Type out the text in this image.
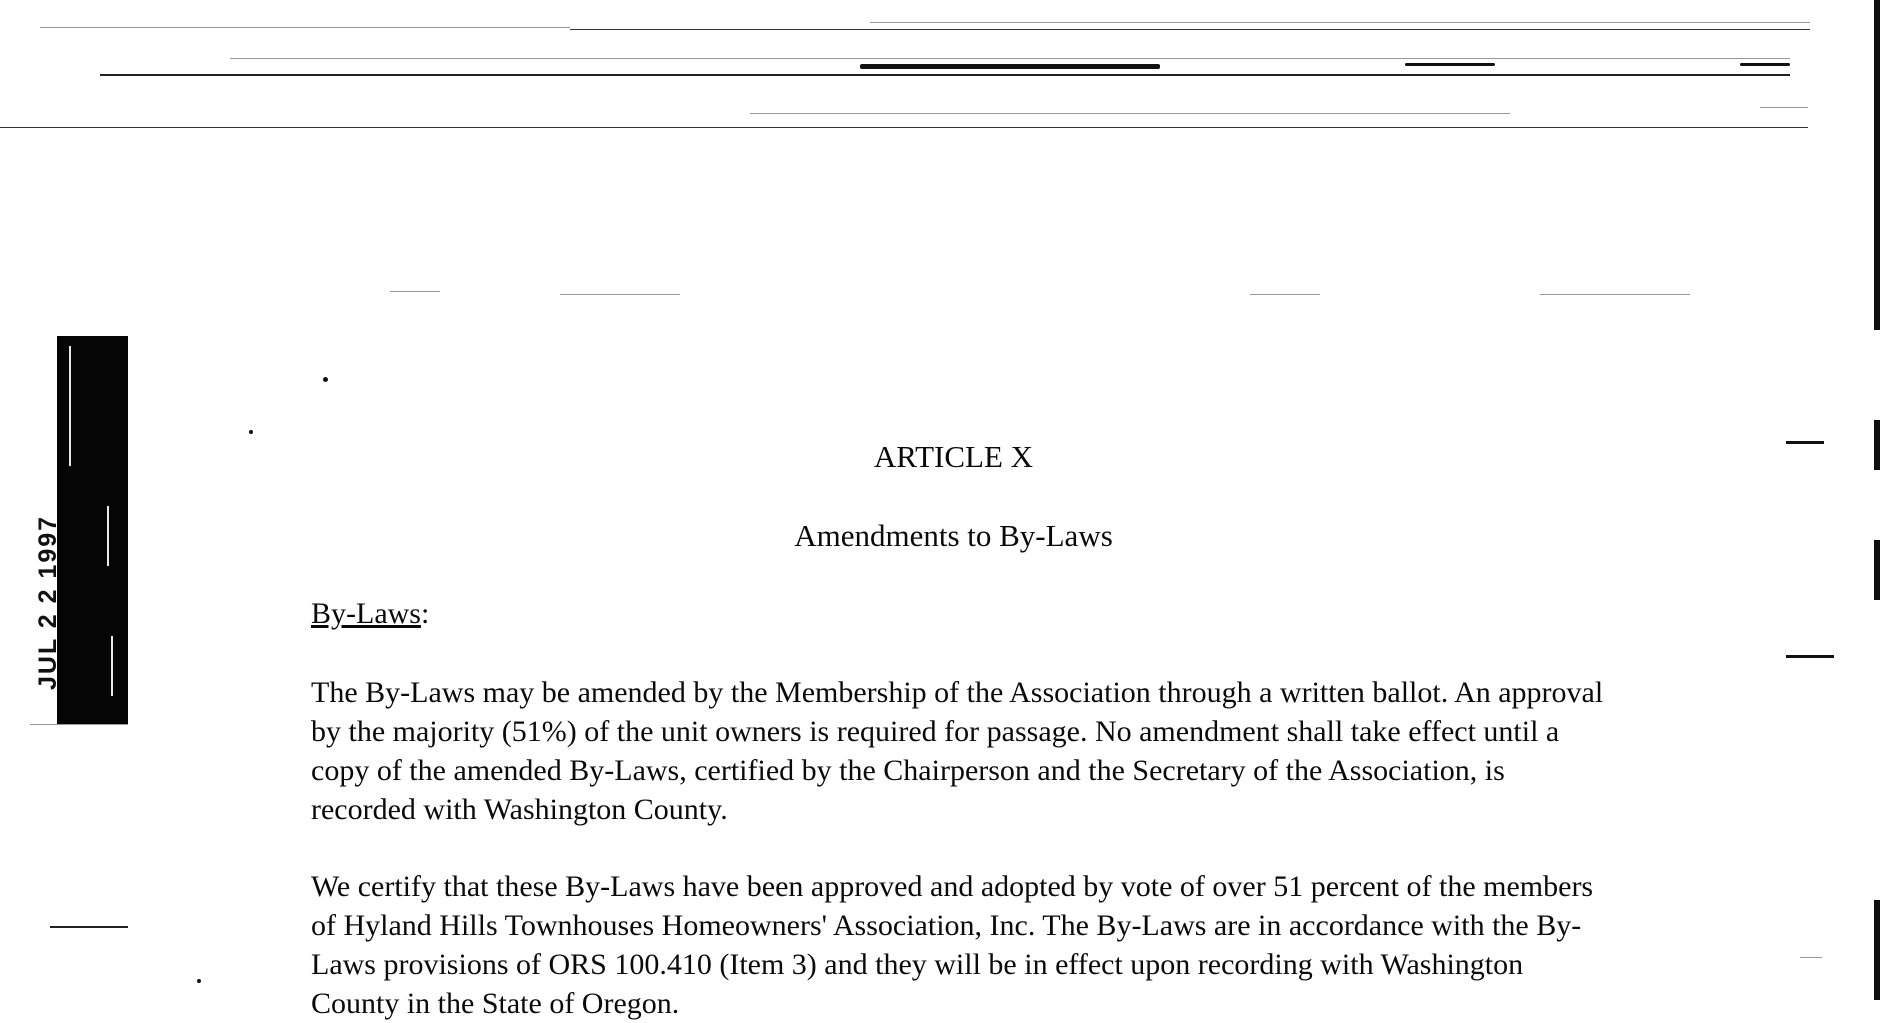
JUL 2 2 1997
ARTICLE X
Amendments to By-Laws
By-Laws:

The By-Laws may be amended by the Membership of the Association through a written ballot. An approval by the majority (51%) of the unit owners is required for passage. No amendment shall take effect until a copy of the amended By-Laws, certified by the Chairperson and the Secretary of the Association, is recorded with Washington County.

We certify that these By-Laws have been approved and adopted by vote of over 51 percent of the members of Hyland Hills Townhouses Homeowners' Association, Inc. The By-Laws are in accordance with the By-Laws provisions of ORS 100.410 (Item 3) and they will be in effect upon recording with Washington County in the State of Oregon.
